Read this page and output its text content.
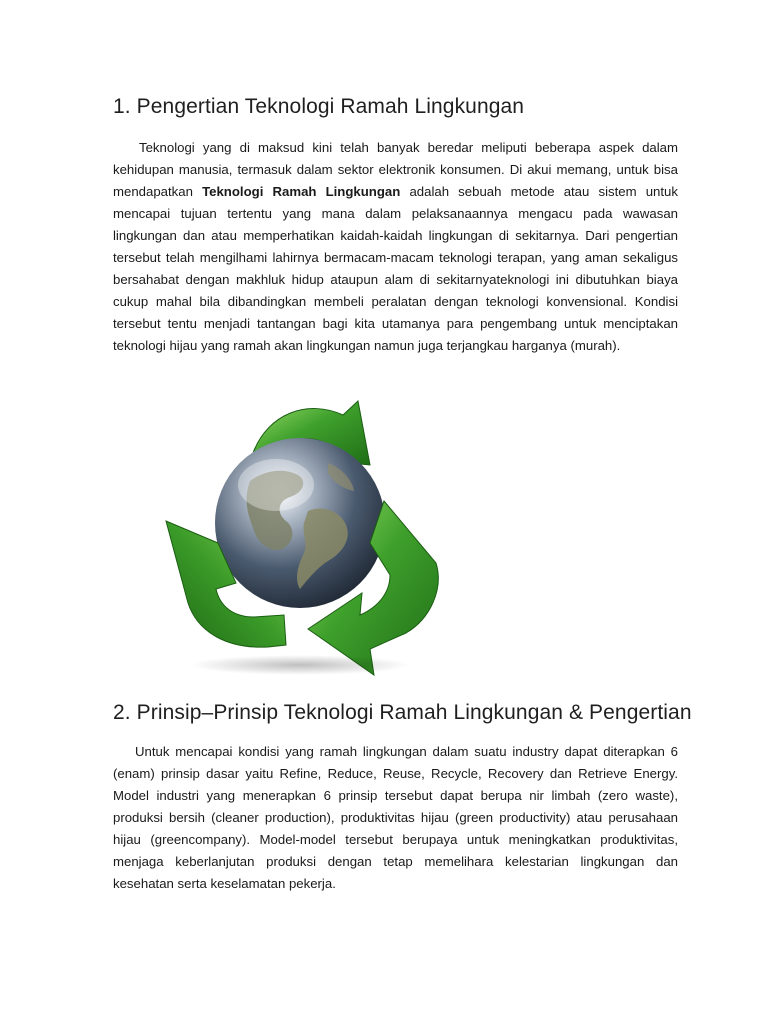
1. Pengertian Teknologi Ramah Lingkungan

Teknologi yang di maksud kini telah banyak beredar meliputi beberapa aspek dalam kehidupan manusia, termasuk dalam sektor elektronik konsumen. Di akui memang, untuk bisa mendapatkan Teknologi Ramah Lingkungan adalah sebuah metode atau sistem untuk mencapai tujuan tertentu yang mana dalam pelaksanaannya mengacu pada wawasan lingkungan dan atau memperhatikan kaidah-kaidah lingkungan di sekitarnya. Dari pengertian tersebut telah mengilhami lahirnya bermacam-macam teknologi terapan, yang aman sekaligus bersahabat dengan makhluk hidup ataupun alam di sekitarnyateknologi ini dibutuhkan biaya cukup mahal bila dibandingkan membeli peralatan dengan teknologi konvensional. Kondisi tersebut tentu menjadi tantangan bagi kita utamanya para pengembang untuk menciptakan teknologi hijau yang ramah akan lingkungan namun juga terjangkau harganya (murah).

2. Prinsip–Prinsip Teknologi Ramah Lingkungan & Pengertian

Untuk mencapai kondisi yang ramah lingkungan dalam suatu industry dapat diterapkan 6 (enam) prinsip dasar yaitu Refine, Reduce, Reuse, Recycle, Recovery dan Retrieve Energy. Model industri yang menerapkan 6 prinsip tersebut dapat berupa nir limbah (zero waste), produksi bersih (cleaner production), produktivitas hijau (green productivity) atau perusahaan hijau (greencompany). Model-model tersebut berupaya untuk meningkatkan produktivitas, menjaga keberlanjutan produksi dengan tetap memelihara kelestarian lingkungan dan kesehatan serta keselamatan pekerja.
